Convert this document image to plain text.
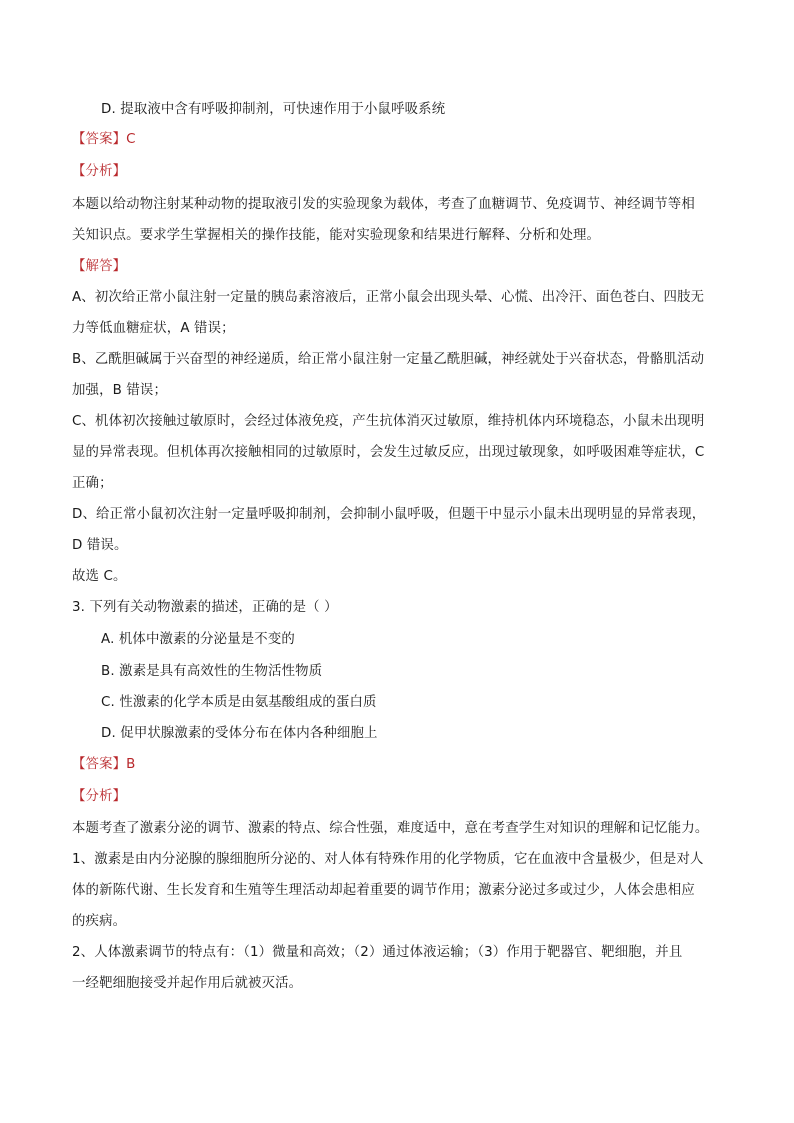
D. 提取液中含有呼吸抑制剂，可快速作用于小鼠呼吸系统
【答案】C
【分析】
本题以给动物注射某种动物的提取液引发的实验现象为载体，考查了血糖调节、免疫调节、神经调节等相
关知识点。要求学生掌握相关的操作技能，能对实验现象和结果进行解释、分析和处理。
【解答】
A、初次给正常小鼠注射一定量的胰岛素溶液后，正常小鼠会出现头晕、心慌、出冷汗、面色苍白、四肢无
力等低血糖症状，A 错误；
B、乙酰胆碱属于兴奋型的神经递质，给正常小鼠注射一定量乙酰胆碱，神经就处于兴奋状态，骨骼肌活动
加强，B 错误；
C、机体初次接触过敏原时，会经过体液免疫，产生抗体消灭过敏原，维持机体内环境稳态，小鼠未出现明
显的异常表现。但机体再次接触相同的过敏原时，会发生过敏反应，出现过敏现象，如呼吸困难等症状，C
正确；
D、给正常小鼠初次注射一定量呼吸抑制剂，会抑制小鼠呼吸，但题干中显示小鼠未出现明显的异常表现，
D 错误。
故选 C。
3. 下列有关动物激素的描述，正确的是（ ）
A. 机体中激素的分泌量是不变的
B. 激素是具有高效性的生物活性物质
C. 性激素的化学本质是由氨基酸组成的蛋白质
D. 促甲状腺激素的受体分布在体内各种细胞上
【答案】B
【分析】
本题考查了激素分泌的调节、激素的特点、综合性强，难度适中，意在考查学生对知识的理解和记忆能力。
1、激素是由内分泌腺的腺细胞所分泌的、对人体有特殊作用的化学物质，它在血液中含量极少，但是对人
体的新陈代谢、生长发育和生殖等生理活动却起着重要的调节作用；激素分泌过多或过少，人体会患相应
的疾病。
2、人体激素调节的特点有：（1）微量和高效；（2）通过体液运输；（3）作用于靶器官、靶细胞，并且
一经靶细胞接受并起作用后就被灭活。
